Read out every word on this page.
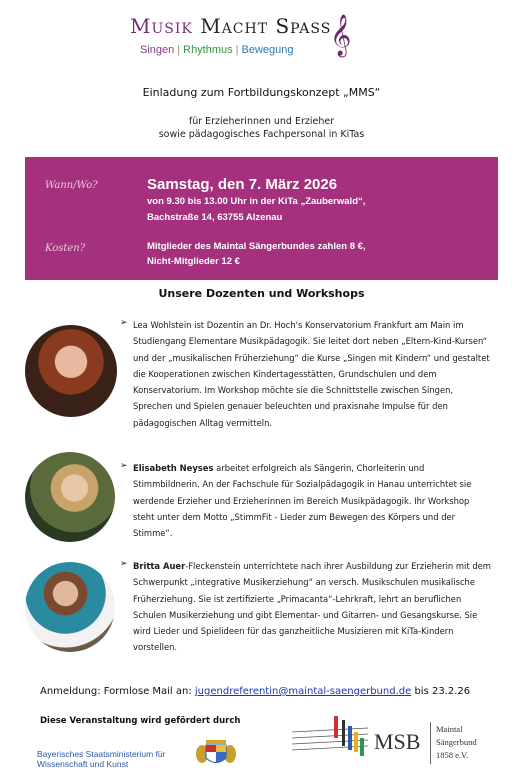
Musik Macht Spass
𝄞
Singen | Rhythmus | Bewegung
Einladung zum Fortbildungskonzept „MMS“
für Erzieherinnen und Erzieher
sowie pädagogisches Fachpersonal in KiTas
Wann/Wo?	Samstag, den 7. März 2026
von 9.30 bis 13.00 Uhr in der KiTa „Zauberwald“,
Bachstraße 14, 63755 Alzenau
Kosten?	Mitglieder des Maintal Sängerbundes zahlen 8 €,
Nicht-Mitglieder 12 €
Unsere Dozenten und Workshops
➢ Lea Wohlstein ist Dozentin an Dr. Hoch's Konservatorium Frankfurt am Main im Studiengang Elementare Musikpädagogik. Sie leitet dort neben „Eltern-Kind-Kursen“ und der „musikalischen Früherziehung“ die Kurse „Singen mit Kindern“ und gestaltet die Kooperationen zwischen Kindertagesstätten, Grundschulen und dem Konservatorium. Im Workshop möchte sie die Schnittstelle zwischen Singen, Sprechen und Spielen genauer beleuchten und praxisnahe Impulse für den pädagogischen Alltag vermitteln.
➢ Elisabeth Neyses arbeitet erfolgreich als Sängerin, Chorleiterin und Stimmbildnerin. An der Fachschule für Sozialpädagogik in Hanau unterrichtet sie werdende Erzieher und Erzieherinnen im Bereich Musikpädagogik. Ihr Workshop steht unter dem Motto „StimmFit - Lieder zum Bewegen des Körpers und der Stimme“.
➢ Britta Auer-Fleckenstein unterrichtete nach ihrer Ausbildung zur Erzieherin mit dem Schwerpunkt „integrative Musikerziehung“ an versch. Musikschulen musikalische Früherziehung. Sie ist zertifizierte „Primacanta“-Lehrkraft, lehrt an beruflichen Schulen Musikerziehung und gibt Elementar- und Gitarren- und Gesangskurse. Sie wird Lieder und Spielideen für das ganzheitliche Musizieren mit KiTa-Kindern vorstellen.
Anmeldung: Formlose Mail an: jugendreferentin@maintal-saengerbund.de bis 23.2.26
Diese Veranstaltung wird gefördert durch
Bayerisches Staatsministerium für
Wissenschaft und Kunst
MSB Maintal
Sängerbund
1858 e.V.
